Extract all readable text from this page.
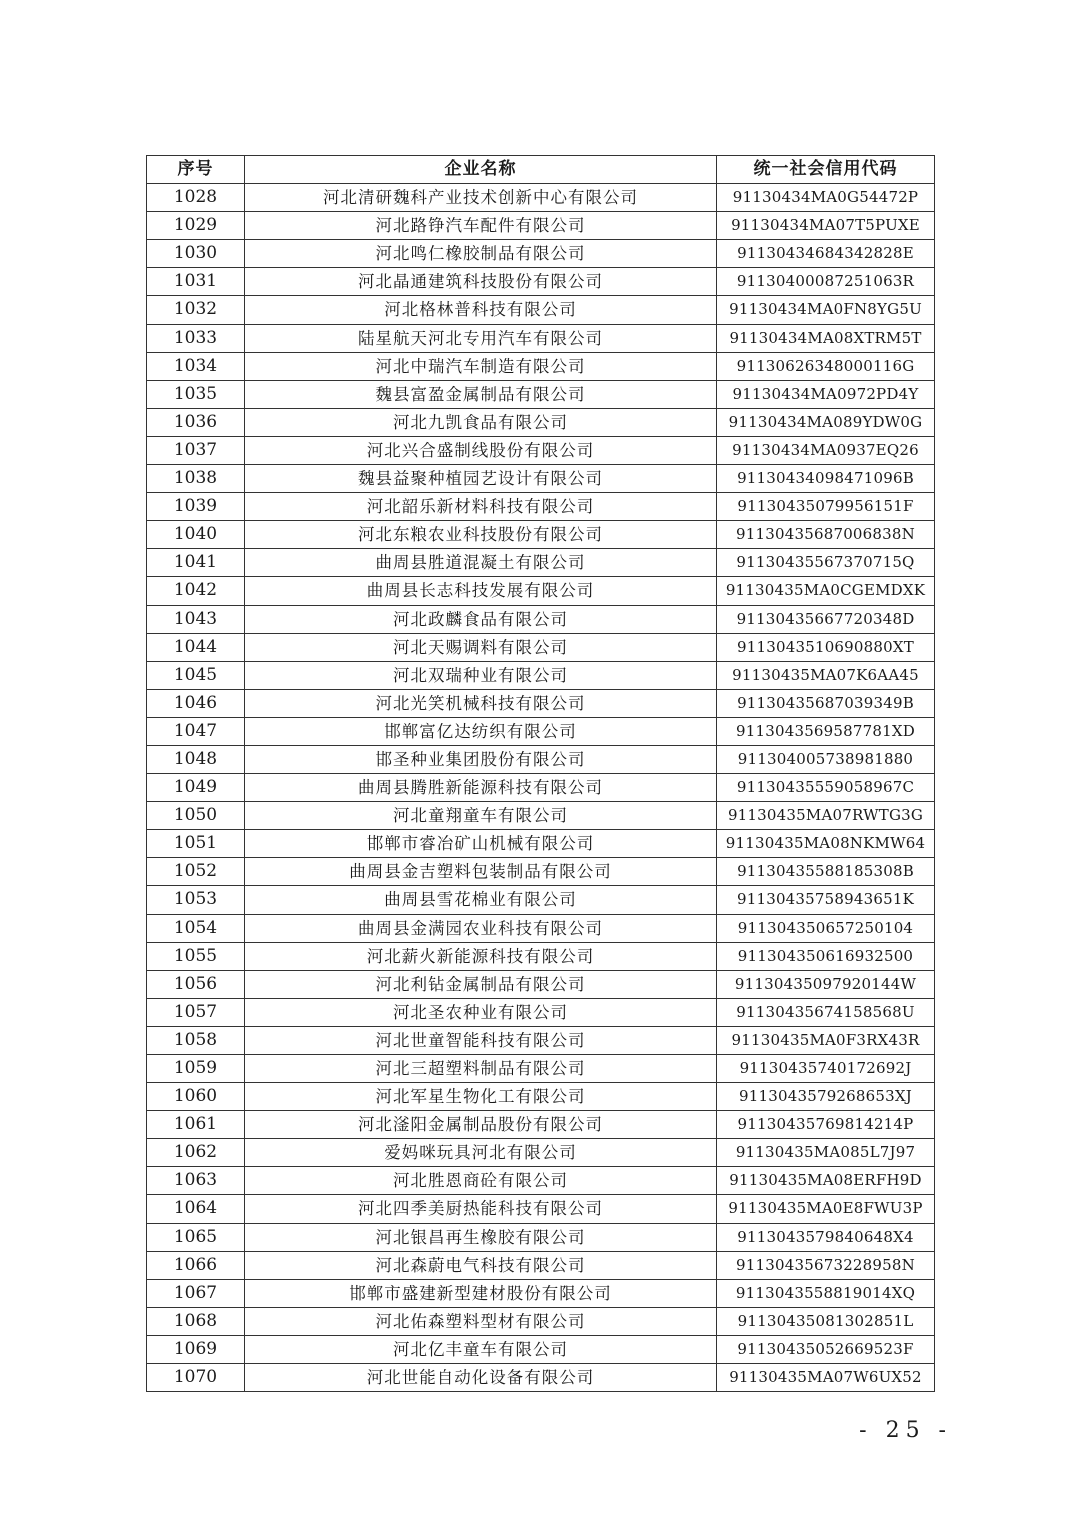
序号	企业名称	统一社会信用代码
1028	河北清研魏科产业技术创新中心有限公司	91130434MA0G54472P
1029	河北路铮汽车配件有限公司	91130434MA07T5PUXE
1030	河北鸣仁橡胶制品有限公司	91130434684342828E
1031	河北晶通建筑科技股份有限公司	91130400087251063R
1032	河北格林普科技有限公司	91130434MA0FN8YG5U
1033	陆星航天河北专用汽车有限公司	91130434MA08XTRM5T
1034	河北中瑞汽车制造有限公司	91130626348000116G
1035	魏县富盈金属制品有限公司	91130434MA0972PD4Y
1036	河北九凯食品有限公司	91130434MA089YDW0G
1037	河北兴合盛制线股份有限公司	91130434MA0937EQ26
1038	魏县益聚种植园艺设计有限公司	91130434098471096B
1039	河北韶乐新材料科技有限公司	91130435079956151F
1040	河北东粮农业科技股份有限公司	91130435687006838N
1041	曲周县胜道混凝土有限公司	91130435567370715Q
1042	曲周县长志科技发展有限公司	91130435MA0CGEMDXK
1043	河北政麟食品有限公司	91130435667720348D
1044	河北天赐调料有限公司	9113043510690880XT
1045	河北双瑞种业有限公司	91130435MA07K6AA45
1046	河北光笑机械科技有限公司	91130435687039349B
1047	邯郸富亿达纺织有限公司	9113043569587781XD
1048	邯圣种业集团股份有限公司	911304005738981880
1049	曲周县腾胜新能源科技有限公司	91130435559058967C
1050	河北童翔童车有限公司	91130435MA07RWTG3G
1051	邯郸市睿冶矿山机械有限公司	91130435MA08NKMW64
1052	曲周县金吉塑料包装制品有限公司	91130435588185308B
1053	曲周县雪花棉业有限公司	91130435758943651K
1054	曲周县金满园农业科技有限公司	911304350657250104
1055	河北薪火新能源科技有限公司	911304350616932500
1056	河北利钻金属制品有限公司	91130435097920144W
1057	河北圣农种业有限公司	91130435674158568U
1058	河北世童智能科技有限公司	91130435MA0F3RX43R
1059	河北三超塑料制品有限公司	91130435740172692J
1060	河北军星生物化工有限公司	9113043579268653XJ
1061	河北滏阳金属制品股份有限公司	91130435769814214P
1062	爱妈咪玩具河北有限公司	91130435MA085L7J97
1063	河北胜恩商砼有限公司	91130435MA08ERFH9D
1064	河北四季美厨热能科技有限公司	91130435MA0E8FWU3P
1065	河北银昌再生橡胶有限公司	9113043579840648X4
1066	河北森蔚电气科技有限公司	91130435673228958N
1067	邯郸市盛建新型建材股份有限公司	9113043558819014XQ
1068	河北佑森塑料型材有限公司	91130435081302851L
1069	河北亿丰童车有限公司	91130435052669523F
1070	河北世能自动化设备有限公司	91130435MA07W6UX52
- 25 -
